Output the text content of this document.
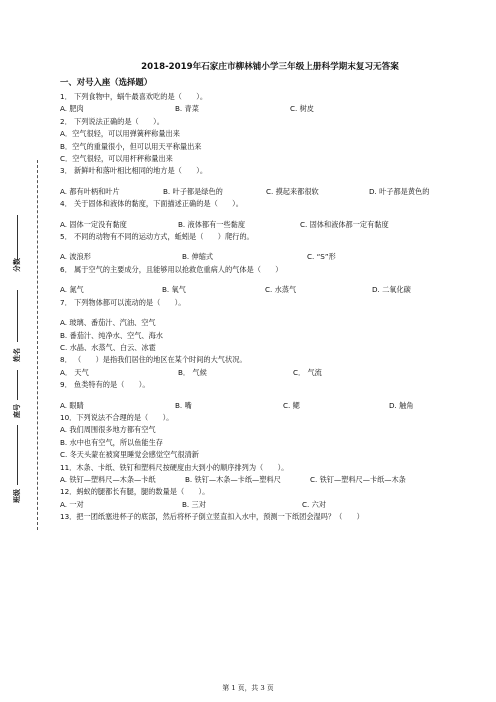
分数
姓名
座号
班级
2018-2019年石家庄市柳林铺小学三年级上册科学期末复习无答案
一、对号入座（选择题）
1． 下列食物中，蜗牛最喜欢吃的是（　　）。
A. 肥肉	B. 青菜	C. 树皮
2． 下列说法正确的是（　　）。
A．空气很轻，可以用弹簧秤称量出来
B．空气的重量很小，但可以用天平称量出来
C．空气很轻，可以用杆秤称量出来
3． 新鲜叶和落叶相比相同的地方是（　　）。
A. 都有叶柄和叶片	B. 叶子都是绿色的	C. 摸起来都很软	D. 叶子都是黄色的
4． 关于固体和液体的黏度，下面描述正确的是（　　）。
A. 固体一定没有黏度	B. 液体都有一些黏度	C. 固体和液体都一定有黏度
5． 不同的动物有不同的运动方式，蚯蚓是（　　）爬行的。
A. 波浪形	B. 伸缩式	C. “S”形
6． 属于空气的主要成分，且能够用以抢救危重病人的气体是（　　）
A. 氮气	B. 氧气	C. 水蒸气	D. 二氧化碳
7． 下列物体都可以流动的是（　　）。
A. 玻璃、番茄汁、汽油、空气
B. 番茄汁、纯净水、空气、海水
C. 水晶、水蒸气、白云、冰雹
8． （　　）是指我们居住的地区在某个时间的大气状况。
A． 天气	B． 气候	C． 气流
9． 鱼类特有的是（　　）。
A. 眼睛	B. 嘴	C. 鳃	D. 触角
10．下列说法不合理的是（　　）。
A. 我们周围很多地方都有空气
B. 水中也有空气，所以鱼能生存
C. 冬天头蒙在被窝里睡觉会感觉空气很清新
11．木条、卡纸、铁钉和塑料尺按硬度由大到小的顺序排列为（　　）。
A. 铁钉—塑料尺—木条—卡纸	B. 铁钉—木条—卡纸—塑料尺	C. 铁钉—塑料尺—卡纸—木条
12．蚂蚁的腿都长有腿，腿的数量是（　　）。
A. 一对	B. 三对	C. 六对
13．把一团纸塞进杯子的底部，然后将杯子倒立竖直扣入水中，预测一下纸团会湿吗？（　　）
第 1 页，共 3 页
